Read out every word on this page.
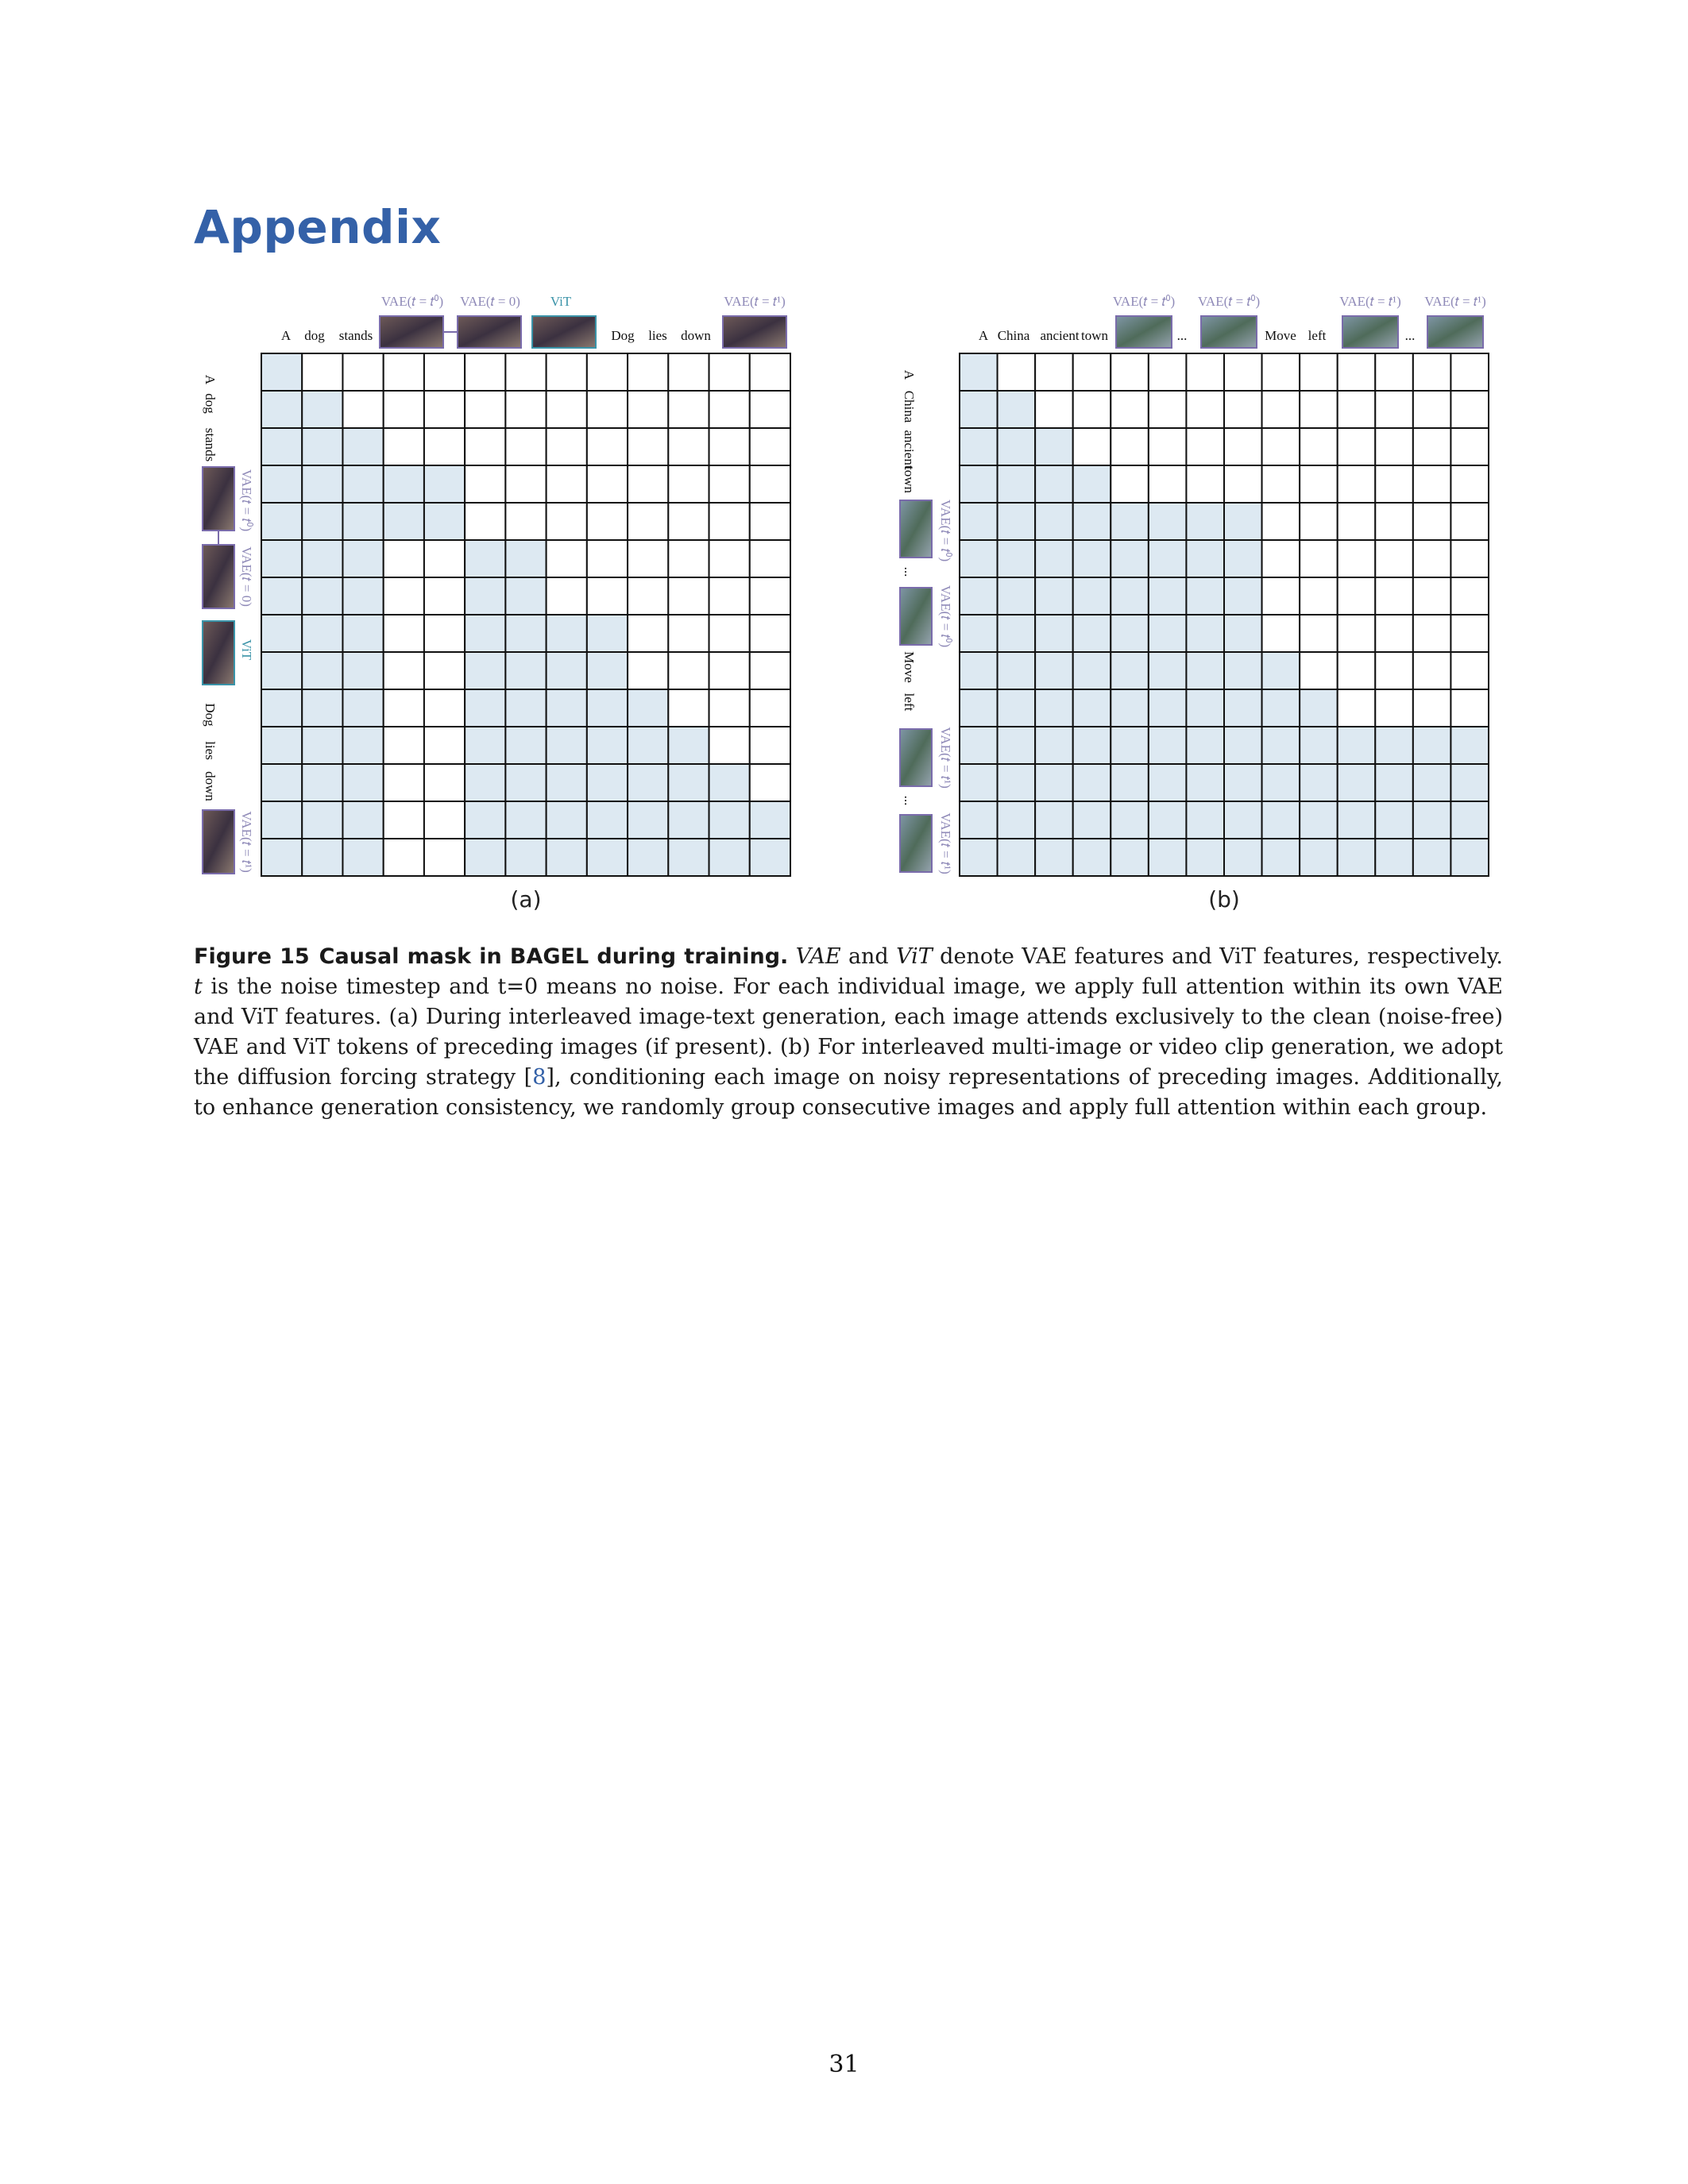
Appendix
A dog stands	Dog lies down
VAE(𝑡 = 𝑡⁰) VAE(𝑡 = 0) ViT	VAE(𝑡 = 𝑡¹)
A
dog
stands
Dog
lies
down
VAE(𝑡 = 𝑡⁰)
VAE(𝑡 = 0)
ViT
VAE(𝑡 = 𝑡¹)
(a)
A China ancient town	...	Move left	...
VAE(𝑡 = 𝑡⁰) VAE(𝑡 = 𝑡⁰)	VAE(𝑡 = 𝑡¹) VAE(𝑡 = 𝑡¹)
A
China
ancient
town
...
Move
left
...
VAE(𝑡 = 𝑡⁰)
VAE(𝑡 = 𝑡⁰)
VAE(𝑡 = 𝑡¹)
VAE(𝑡 = 𝑡¹)
(b)
Figure 15 Causal mask in BAGEL during training. VAE and ViT denote VAE features and ViT features, respectively. t is the noise timestep and t=0 means no noise. For each individual image, we apply full attention within its own VAE and ViT features. (a) During interleaved image-text generation, each image attends exclusively to the clean (noise-free) VAE and ViT tokens of preceding images (if present). (b) For interleaved multi-image or video clip generation, we adopt the diffusion forcing strategy [8], conditioning each image on noisy representations of preceding images. Additionally, to enhance generation consistency, we randomly group consecutive images and apply full attention within each group.
31
